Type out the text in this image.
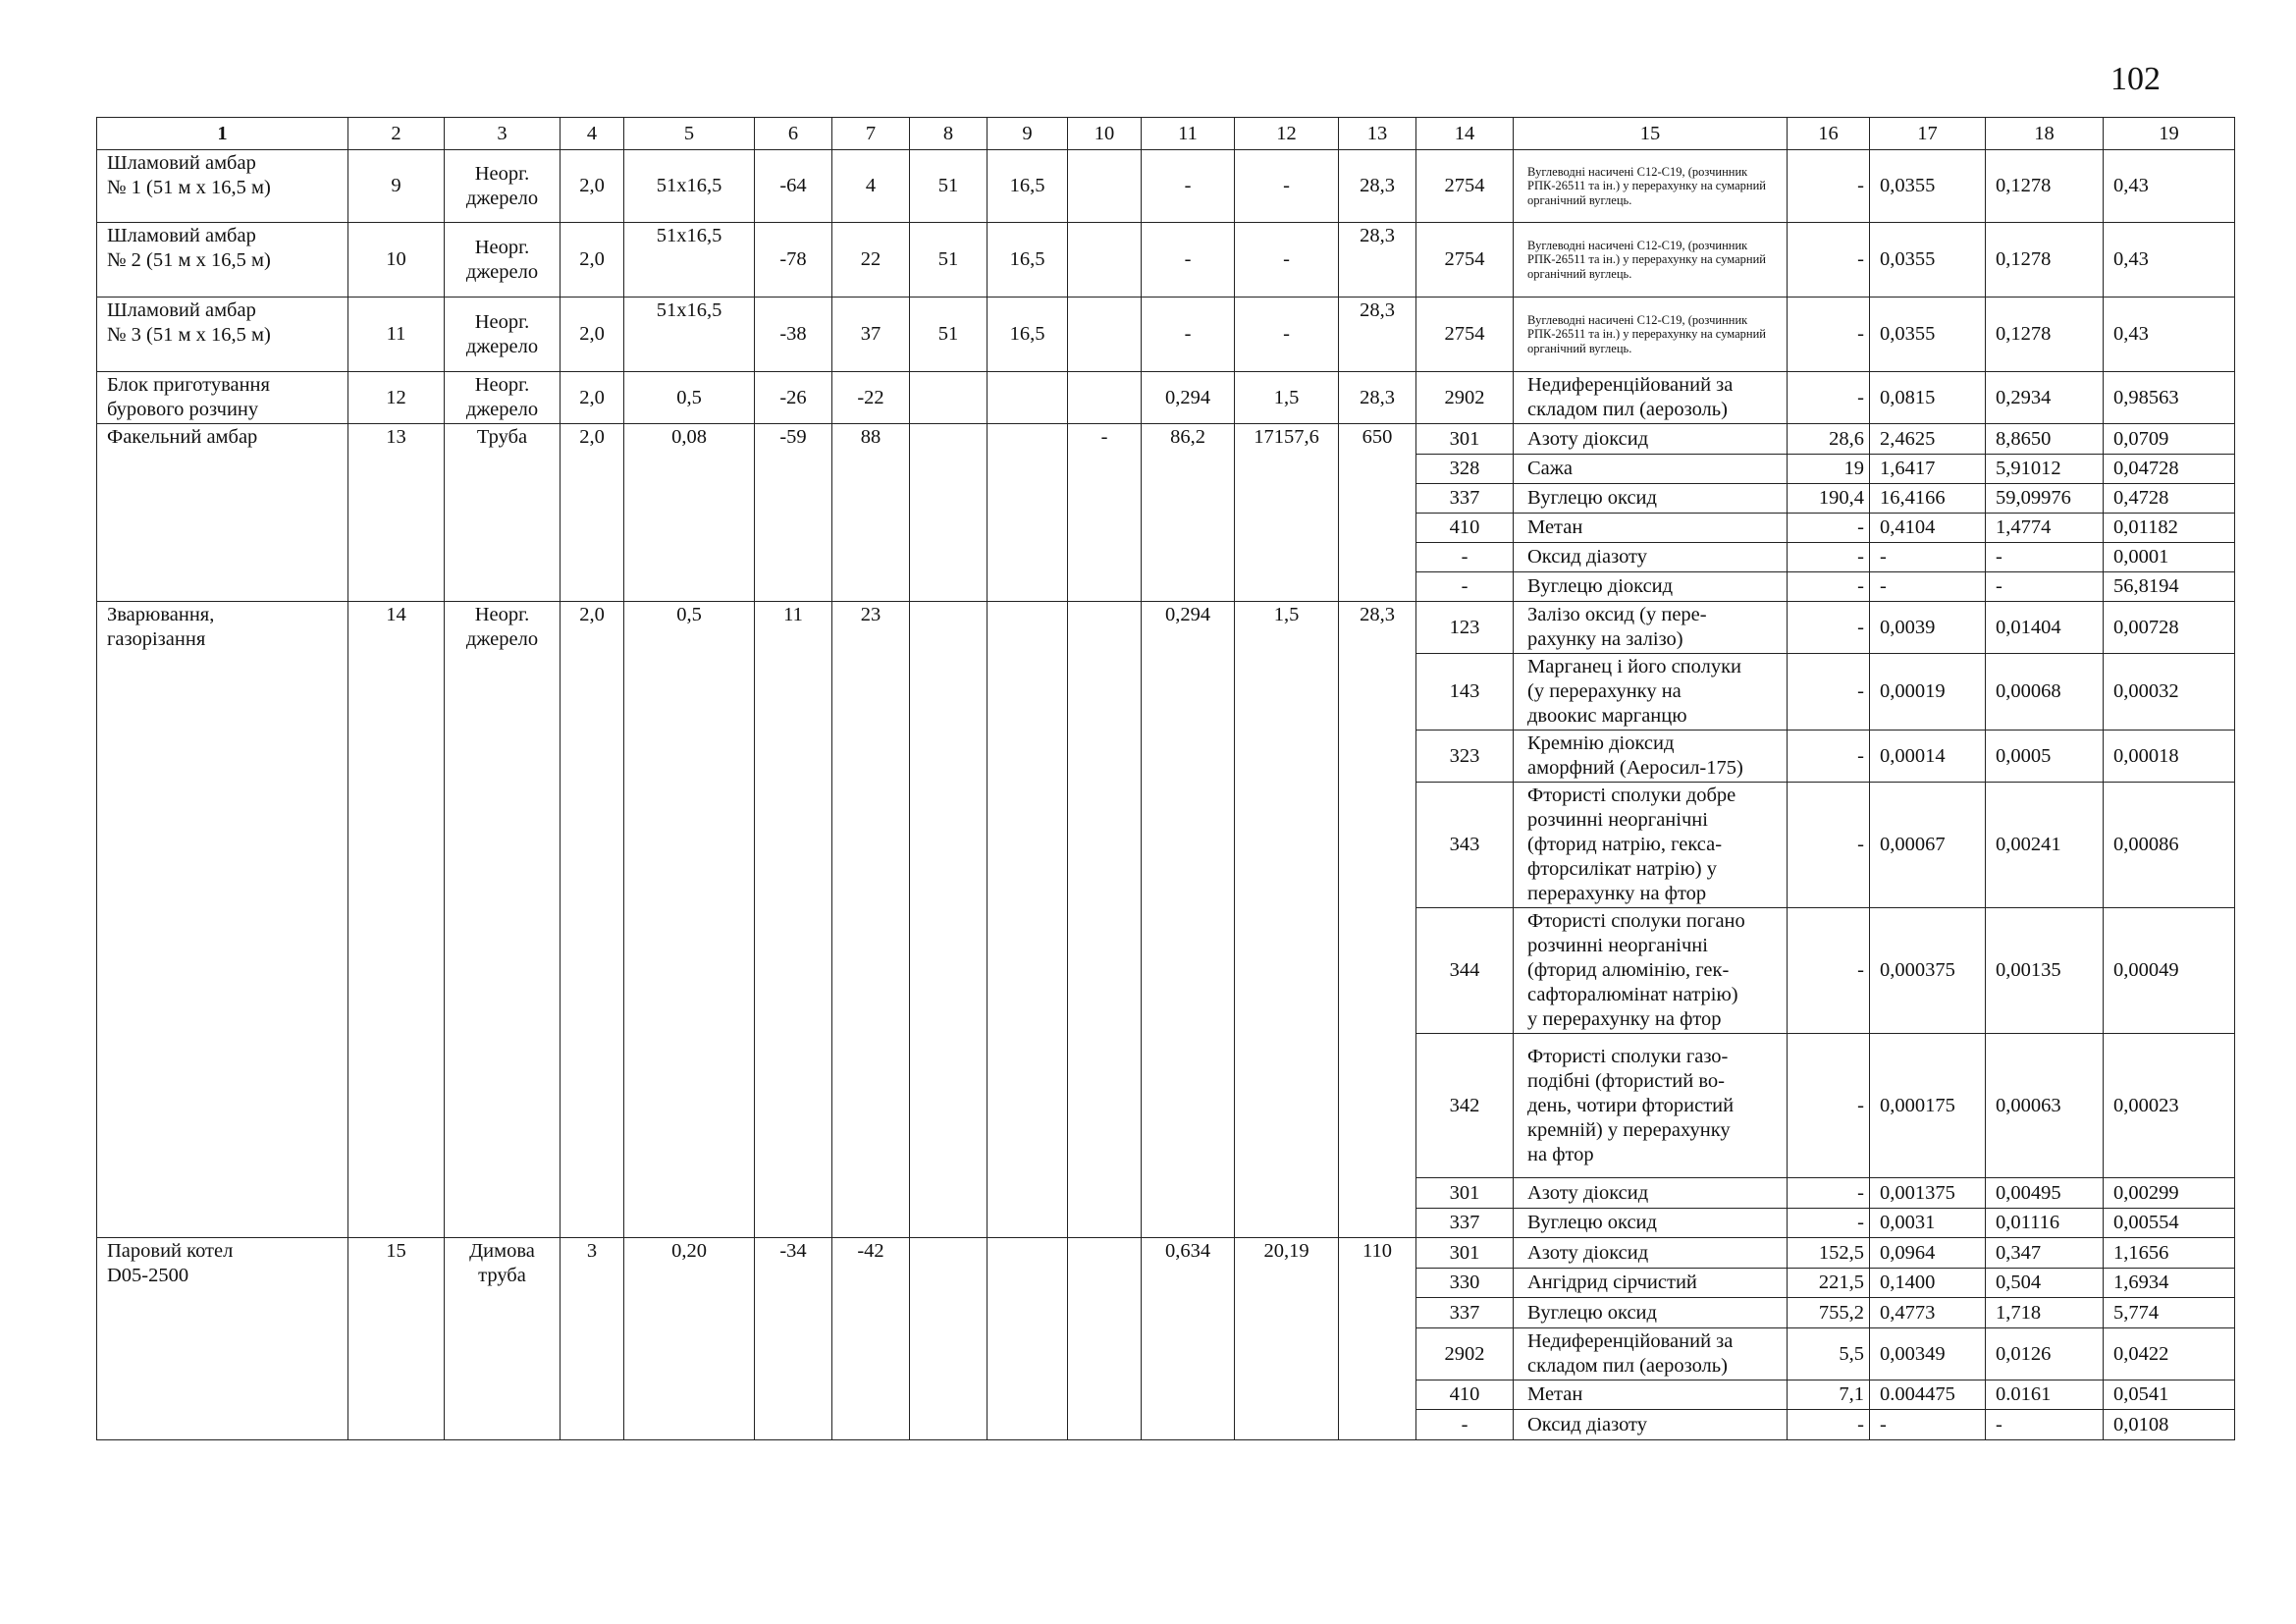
102
1	2	3	4	5	6	7	8	9	10	11	12	13	14	15	16	17	18	19
Шламовий амбар
№ 1 (51 м х 16,5 м)	9	Неорг.
джерело	2,0	51х16,5	-64	4	51	16,5		-	-	28,3	2754	Вуглеводні насичені С12-С19, (розчинник РПК-26511 та ін.) у перерахунку на сумарний органічний вуглець.	-	0,0355	0,1278	0,43
Шламовий амбар
№ 2 (51 м х 16,5 м)	10	Неорг.
джерело	2,0	51х16,5	-78	22	51	16,5		-	-	28,3	2754	Вуглеводні насичені С12-С19, (розчинник РПК-26511 та ін.) у перерахунку на сумарний органічний вуглець.	-	0,0355	0,1278	0,43
Шламовий амбар
№ 3 (51 м х 16,5 м)	11	Неорг.
джерело	2,0	51х16,5	-38	37	51	16,5		-	-	28,3	2754	Вуглеводні насичені С12-С19, (розчинник РПК-26511 та ін.) у перерахунку на сумарний органічний вуглець.	-	0,0355	0,1278	0,43
Блок приготування
бурового розчину	12	Неорг.
джерело	2,0	0,5	-26	-22				0,294	1,5	28,3	2902	Недиференційований за складом пил (аерозоль)	-	0,0815	0,2934	0,98563
Факельний амбар	13	Труба	2,0	0,08	-59	88			-	86,2	17157,6	650	301	Азоту діоксид	28,6	2,4625	8,8650	0,0709
													328	Сажа	19	1,6417	5,91012	0,04728
													337	Вуглецю оксид	190,4	16,4166	59,09976	0,4728
													410	Метан	-	0,4104	1,4774	0,01182
													-	Оксид діазоту	-	-	-	0,0001
													-	Вуглецю діоксид	-	-	-	56,8194
Зварювання,
газорізання	14	Неорг.
джерело	2,0	0,5	11	23				0,294	1,5	28,3	123	Залізо оксид (у пере-
рахунку на залізо)	-	0,0039	0,01404	0,00728
													143	Марганец і його сполуки
(у перерахунку на
двоокис марганцю	-	0,00019	0,00068	0,00032
													323	Кремнію діоксид
аморфний (Аеросил-175)	-	0,00014	0,0005	0,00018
													343	Фтористі сполуки добре
розчинні неорганічні
(фторид натрію, гекса-
фторсилікат натрію) у
перерахунку на фтор	-	0,00067	0,00241	0,00086
													344	Фтористі сполуки погано
розчинні неорганічні
(фторид алюмінію, гек-
сафторалюмінат натрію)
у перерахунку на фтор	-	0,000375	0,00135	0,00049
													342	Фтористі сполуки газо-
подібні (фтористий во-
день, чотири фтористий
кремній) у перерахунку
на фтор	-	0,000175	0,00063	0,00023
													301	Азоту діоксид	-	0,001375	0,00495	0,00299
													337	Вуглецю оксид	-	0,0031	0,01116	0,00554
Паровий котел
D05-2500	15	Димова
труба	3	0,20	-34	-42				0,634	20,19	110	301	Азоту діоксид	152,5	0,0964	0,347	1,1656
													330	Ангідрид сірчистий	221,5	0,1400	0,504	1,6934
													337	Вуглецю оксид	755,2	0,4773	1,718	5,774
													2902	Недиференційований за
складом пил (аерозоль)	5,5	0,00349	0,0126	0,0422
													410	Метан	7,1	0.004475	0.0161	0,0541
													-	Оксид діазоту	-	-	-	0,0108
